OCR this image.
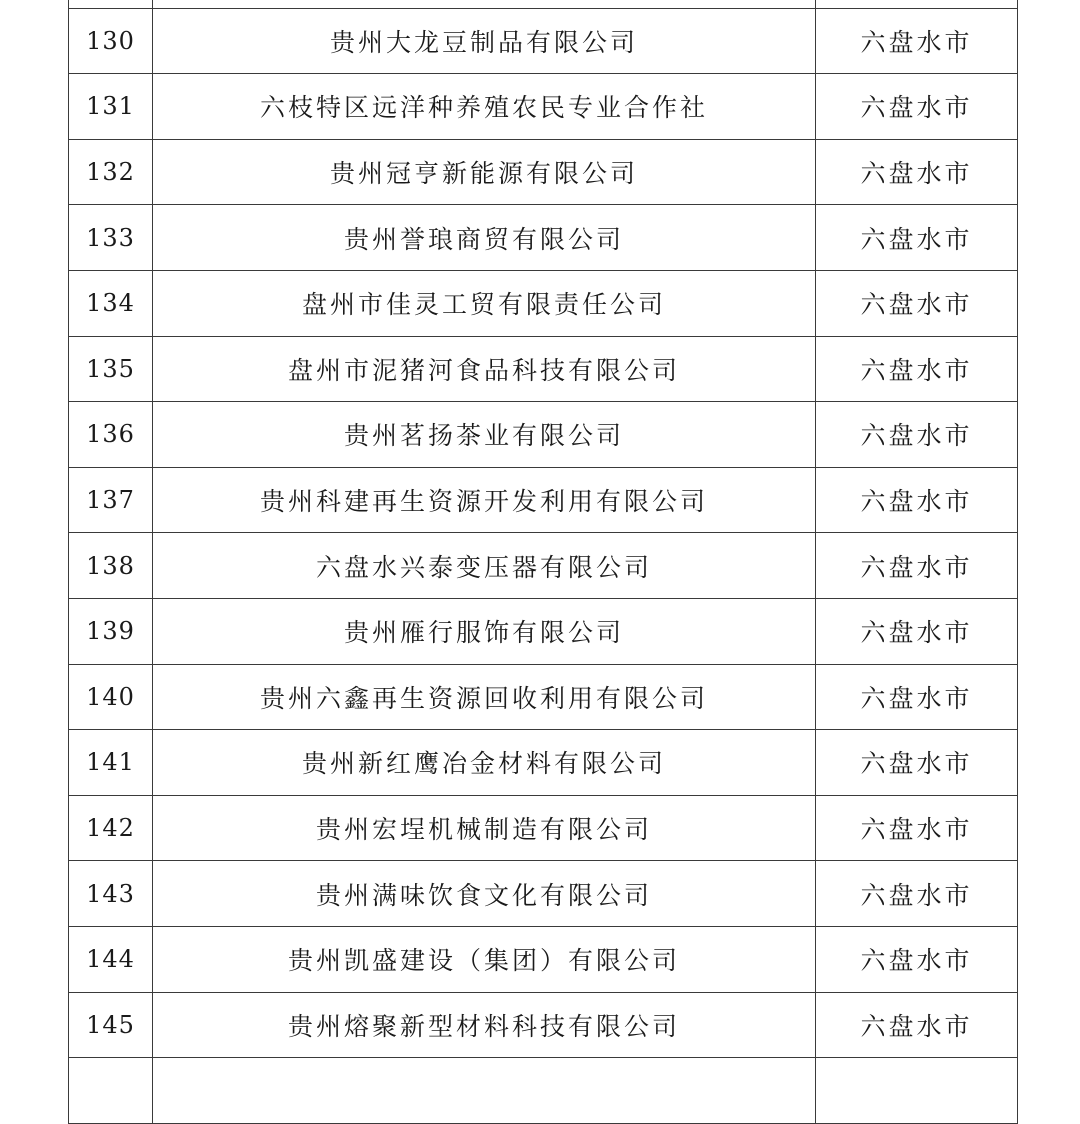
130	贵州大龙豆制品有限公司	六盘水市
131	六枝特区远洋种养殖农民专业合作社	六盘水市
132	贵州冠亨新能源有限公司	六盘水市
133	贵州誉琅商贸有限公司	六盘水市
134	盘州市佳灵工贸有限责任公司	六盘水市
135	盘州市泥猪河食品科技有限公司	六盘水市
136	贵州茗扬茶业有限公司	六盘水市
137	贵州科建再生资源开发利用有限公司	六盘水市
138	六盘水兴泰变压器有限公司	六盘水市
139	贵州雁行服饰有限公司	六盘水市
140	贵州六鑫再生资源回收利用有限公司	六盘水市
141	贵州新红鹰冶金材料有限公司	六盘水市
142	贵州宏埕机械制造有限公司	六盘水市
143	贵州满味饮食文化有限公司	六盘水市
144	贵州凯盛建设（集团）有限公司	六盘水市
145	贵州熔聚新型材料科技有限公司	六盘水市
